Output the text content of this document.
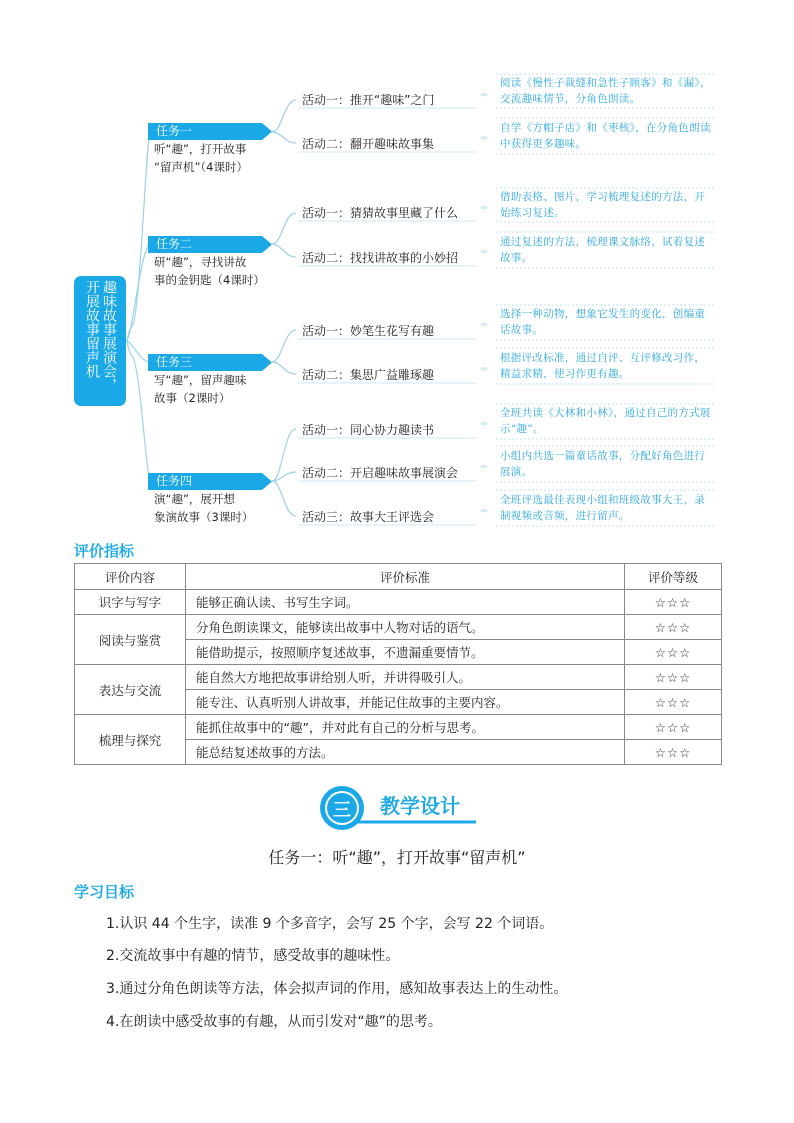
趣味故事展演会，开展故事留声机
任务一
听“趣”，打开故事
“留声机”（4课时）
任务二
研“趣”，寻找讲故
事的金钥匙（4课时）
任务三
写“趣”，留声趣味
故事（2课时）
任务四
演“趣”，展开想
象演故事（3课时）
活动一：推开“趣味”之门
活动二：翻开趣味故事集
活动一：猜猜故事里藏了什么
活动二：找找讲故事的小妙招
活动一：妙笔生花写有趣
活动二：集思广益雕琢趣
活动一：同心协力趣读书
活动二：开启趣味故事展演会
活动三：故事大王评选会
›››
›››
›››
›››
›››
›››
›››
›››
›››
阅读《慢性子裁缝和急性子顾客》和《漏》，交流趣味情节，分角色朗读。
自学《方帽子店》和《枣核》，在分角色朗读中获得更多趣味。
借助表格、图片，学习梳理复述的方法，开始练习复述。
通过复述的方法，梳理课文脉络，试着复述故事。
选择一种动物，想象它发生的变化，创编童话故事。
根据评改标准，通过自评、互评修改习作，精益求精，使习作更有趣。
全班共读《大林和小林》，通过自己的方式展示“趣”。
小组内共选一篇童话故事，分配好角色进行展演。
全班评选最佳表现小组和班级故事大王，录制视频或音频，进行留声。
评价指标
评价内容	评价标准	评价等级
识字与写字	能够正确认读、书写生字词。	☆☆☆
阅读与鉴赏	分角色朗读课文，能够读出故事中人物对话的语气。	☆☆☆
	能借助提示，按照顺序复述故事，不遗漏重要情节。	☆☆☆
表达与交流	能自然大方地把故事讲给别人听，并讲得吸引人。	☆☆☆
	能专注、认真听别人讲故事，并能记住故事的主要内容。	☆☆☆
梳理与探究	能抓住故事中的“趣”，并对此有自己的分析与思考。	☆☆☆
	能总结复述故事的方法。	☆☆☆
三 教学设计
任务一：听“趣”，打开故事“留声机”
学习目标
1.认识 44 个生字，读准 9 个多音字，会写 25 个字，会写 22 个词语。
2.交流故事中有趣的情节，感受故事的趣味性。
3.通过分角色朗读等方法，体会拟声词的作用，感知故事表达上的生动性。
4.在朗读中感受故事的有趣，从而引发对“趣”的思考。
